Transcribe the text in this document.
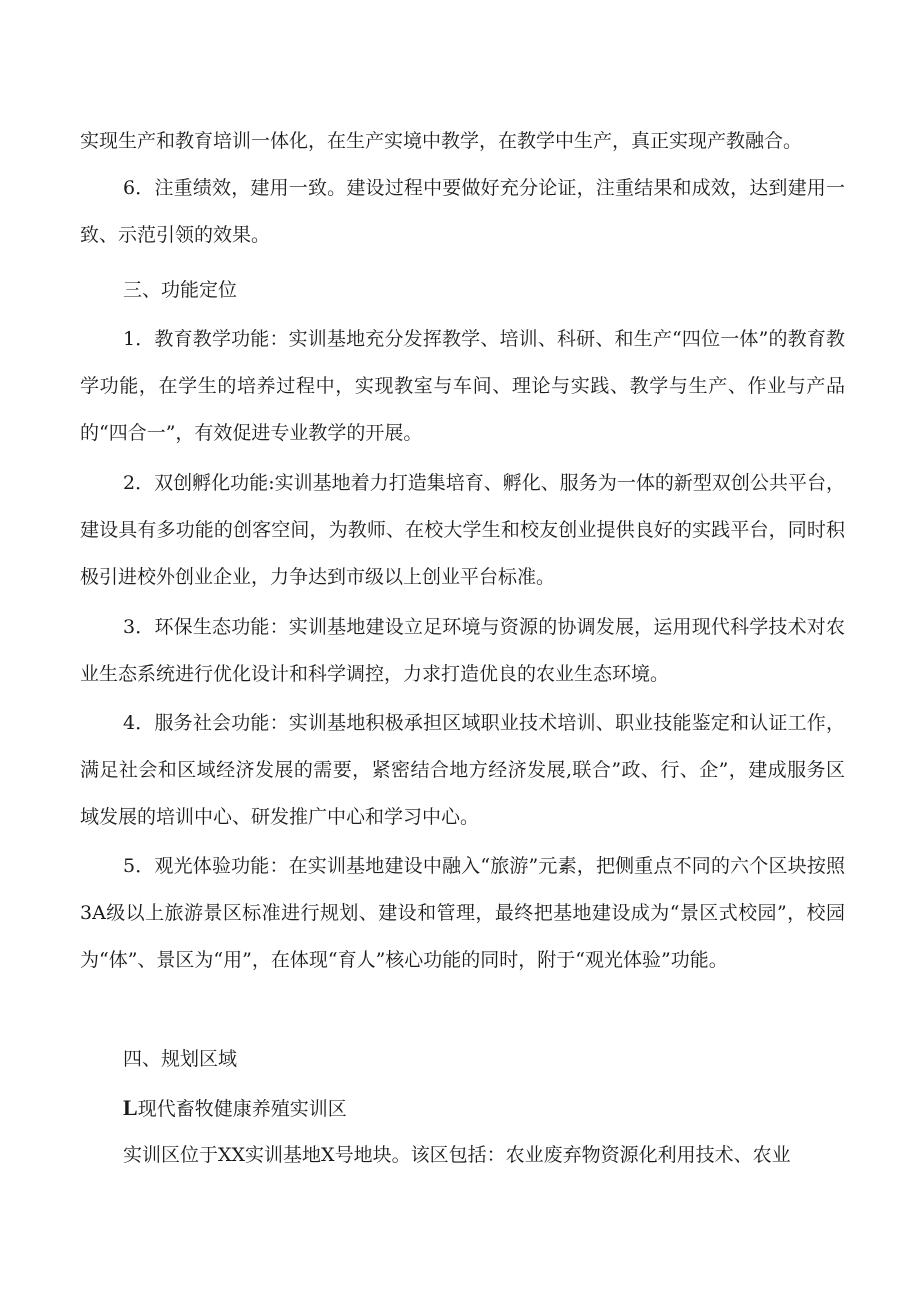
实现生产和教育培训一体化，在生产实境中教学，在教学中生产，真正实现产教融合。

6．注重绩效，建用一致。建设过程中要做好充分论证，注重结果和成效，达到建用一致、示范引领的效果。

三、功能定位

1．教育教学功能：实训基地充分发挥教学、培训、科研、和生产“四位一体”的教育教学功能，在学生的培养过程中，实现教室与车间、理论与实践、教学与生产、作业与产品的“四合一”，有效促进专业教学的开展。

2．双创孵化功能:实训基地着力打造集培育、孵化、服务为一体的新型双创公共平台，建设具有多功能的创客空间，为教师、在校大学生和校友创业提供良好的实践平台，同时积极引进校外创业企业，力争达到市级以上创业平台标准。

3．环保生态功能：实训基地建设立足环境与资源的协调发展，运用现代科学技术对农业生态系统进行优化设计和科学调控，力求打造优良的农业生态环境。

4．服务社会功能：实训基地积极承担区域职业技术培训、职业技能鉴定和认证工作，满足社会和区域经济发展的需要，紧密结合地方经济发展,联合”政、行、企”，建成服务区域发展的培训中心、研发推广中心和学习中心。

5．观光体验功能：在实训基地建设中融入“旅游”元素，把侧重点不同的六个区块按照3A级以上旅游景区标准进行规划、建设和管理，最终把基地建设成为“景区式校园”，校园为“体”、景区为“用”，在体现“育人”核心功能的同时，附于“观光体验”功能。

四、规划区域

L现代畜牧健康养殖实训区

实训区位于XX实训基地X号地块。该区包括：农业废弃物资源化利用技术、农业
